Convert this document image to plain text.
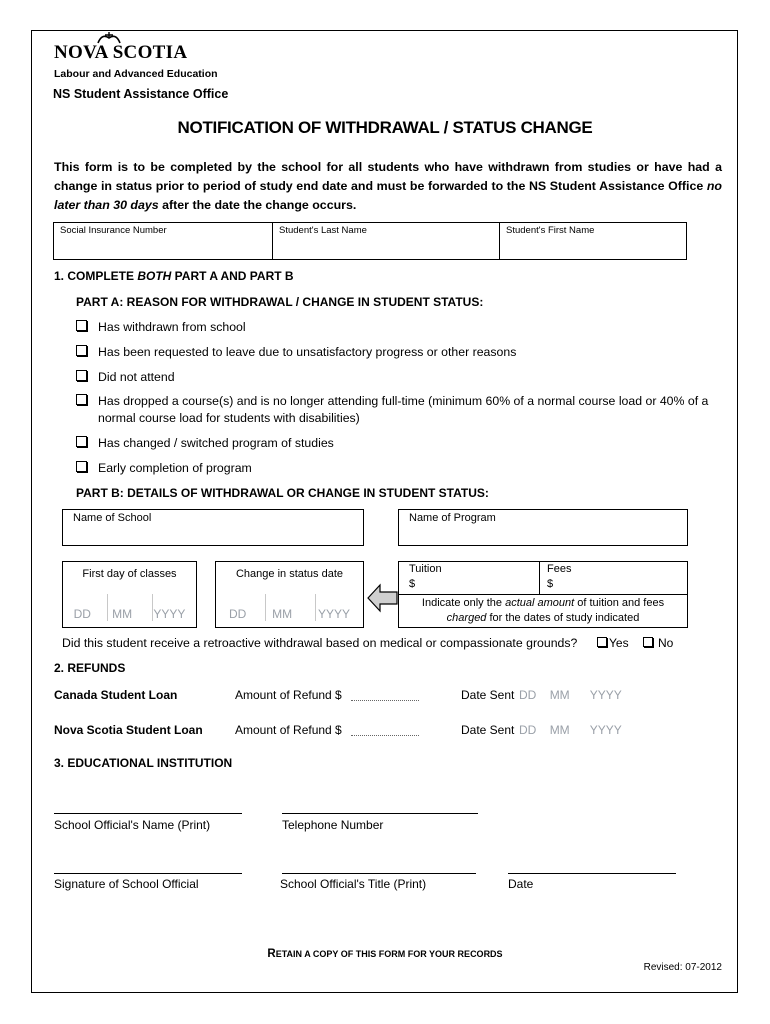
NOVA SCOTIA
Labour and Advanced Education
NS Student Assistance Office
NOTIFICATION OF WITHDRAWAL / STATUS CHANGE
This form is to be completed by the school for all students who have withdrawn from studies or have had a change in status prior to period of study end date and must be forwarded to the NS Student Assistance Office no later than 30 days after the date the change occurs.
Social Insurance Number	Student's Last Name	Student's First Name
1. COMPLETE BOTH PART A AND PART B
PART A: REASON FOR WITHDRAWAL / CHANGE IN STUDENT STATUS:
Has withdrawn from school
Has been requested to leave due to unsatisfactory progress or other reasons
Did not attend
Has dropped a course(s) and is no longer attending full-time (minimum 60% of a normal course load or 40% of a normal course load for students with disabilities)
Has changed / switched program of studies
Early completion of program
PART B: DETAILS OF WITHDRAWAL OR CHANGE IN STUDENT STATUS:
Name of School	Name of Program
First day of classes
DD MM YYYY
Change in status date
DD MM YYYY
Tuition
$
Fees
$
Indicate only the actual amount of tuition and fees
charged for the dates of study indicated
Did this student receive a retroactive withdrawal based on medical or compassionate grounds?	Yes	No
2. REFUNDS
Canada Student Loan	Amount of Refund $	Date Sent DD MM YYYY
Nova Scotia Student Loan	Amount of Refund $	Date Sent DD MM YYYY
3. EDUCATIONAL INSTITUTION
School Official's Name (Print)	Telephone Number
Signature of School Official	School Official's Title (Print)	Date
RETAIN A COPY OF THIS FORM FOR YOUR RECORDS
Revised: 07-2012
